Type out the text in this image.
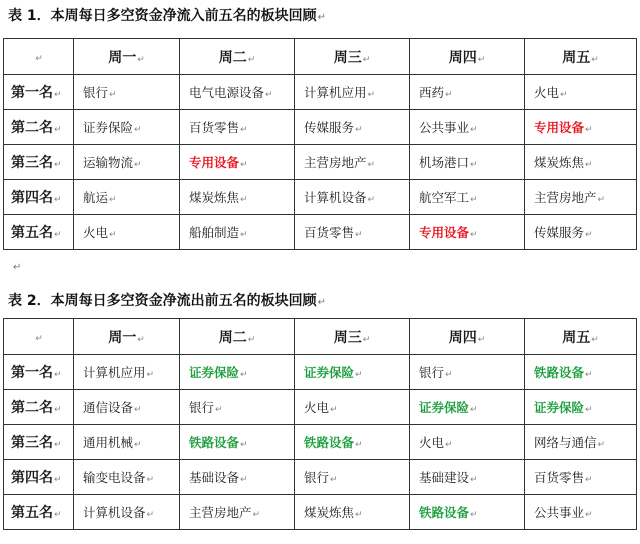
表 1．本周每日多空资金净流入前五名的板块回顾↵
↵	周一↵	周二↵	周三↵	周四↵	周五↵
第一名↵	银行↵	电气电源设备↵	计算机应用↵	西药↵	火电↵
第二名↵	证券保险↵	百货零售↵	传媒服务↵	公共事业↵	专用设备↵
第三名↵	运输物流↵	专用设备↵	主营房地产↵	机场港口↵	煤炭炼焦↵
第四名↵	航运↵	煤炭炼焦↵	计算机设备↵	航空军工↵	主营房地产↵
第五名↵	火电↵	船舶制造↵	百货零售↵	专用设备↵	传媒服务↵
↵
表 2．本周每日多空资金净流出前五名的板块回顾↵
↵	周一↵	周二↵	周三↵	周四↵	周五↵
第一名↵	计算机应用↵	证券保险↵	证券保险↵	银行↵	铁路设备↵
第二名↵	通信设备↵	银行↵	火电↵	证券保险↵	证券保险↵
第三名↵	通用机械↵	铁路设备↵	铁路设备↵	火电↵	网络与通信↵
第四名↵	输变电设备↵	基础设备↵	银行↵	基础建设↵	百货零售↵
第五名↵	计算机设备↵	主营房地产↵	煤炭炼焦↵	铁路设备↵	公共事业↵
